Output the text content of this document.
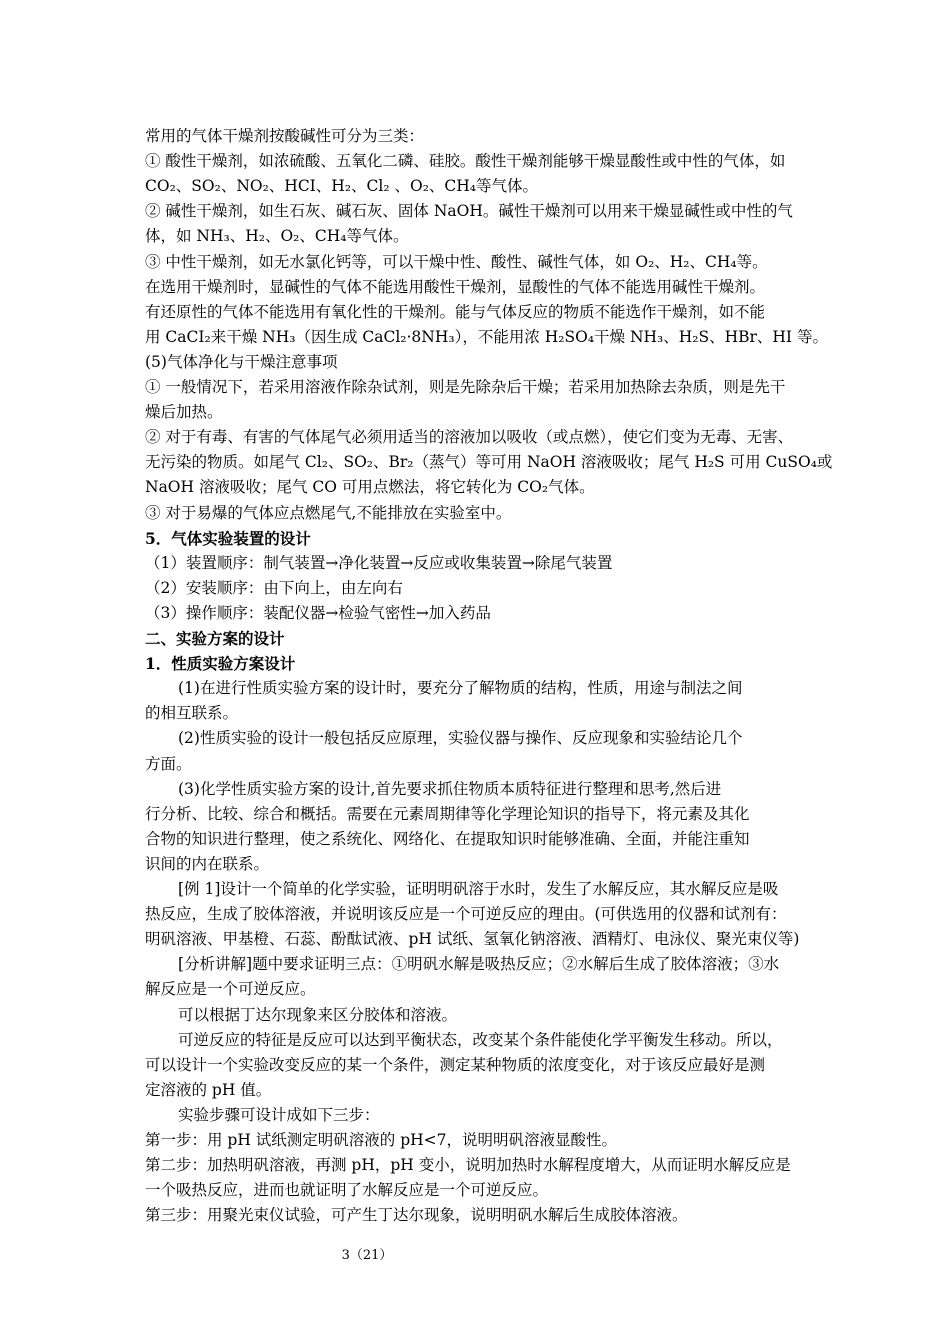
常用的气体干燥剂按酸碱性可分为三类：
① 酸性干燥剂，如浓硫酸、五氧化二磷、硅胶。酸性干燥剂能够干燥显酸性或中性的气体，如
CO₂、SO₂、NO₂、HCI、H₂、Cl₂ 、O₂、CH₄等气体。
② 碱性干燥剂，如生石灰、碱石灰、固体 NaOH。碱性干燥剂可以用来干燥显碱性或中性的气
体，如 NH₃、H₂、O₂、CH₄等气体。
③ 中性干燥剂，如无水氯化钙等，可以干燥中性、酸性、碱性气体，如 O₂、H₂、CH₄等。
在选用干燥剂时，显碱性的气体不能选用酸性干燥剂，显酸性的气体不能选用碱性干燥剂。
有还原性的气体不能选用有氧化性的干燥剂。能与气体反应的物质不能选作干燥剂，如不能
用 CaCI₂来干燥 NH₃（因生成 CaCl₂·8NH₃），不能用浓 H₂SO₄干燥 NH₃、H₂S、HBr、HI 等。
(5)气体净化与干燥注意事项
① 一般情况下，若采用溶液作除杂试剂，则是先除杂后干燥；若采用加热除去杂质，则是先干
燥后加热。
② 对于有毒、有害的气体尾气必须用适当的溶液加以吸收（或点燃），使它们变为无毒、无害、
无污染的物质。如尾气 Cl₂、SO₂、Br₂（蒸气）等可用 NaOH 溶液吸收；尾气 H₂S 可用 CuSO₄或
NaOH 溶液吸收；尾气 CO 可用点燃法，将它转化为 CO₂气体。
③ 对于易爆的气体应点燃尾气,不能排放在实验室中。
5．气体实验装置的设计
（1）装置顺序：制气装置→净化装置→反应或收集装置→除尾气装置
（2）安装顺序：由下向上，由左向右
（3）操作顺序：装配仪器→检验气密性→加入药品
二、实验方案的设计
1．性质实验方案设计
(1)在进行性质实验方案的设计时，要充分了解物质的结构，性质，用途与制法之间
的相互联系。
(2)性质实验的设计一般包括反应原理，实验仪器与操作、反应现象和实验结论几个
方面。
(3)化学性质实验方案的设计,首先要求抓住物质本质特征进行整理和思考,然后进
行分析、比较、综合和概括。需要在元素周期律等化学理论知识的指导下，将元素及其化
合物的知识进行整理，使之系统化、网络化、在提取知识时能够准确、全面，并能注重知
识间的内在联系。
[例 1]设计一个简单的化学实验，证明明矾溶于水时，发生了水解反应，其水解反应是吸
热反应，生成了胶体溶液，并说明该反应是一个可逆反应的理由。(可供选用的仪器和试剂有：
明矾溶液、甲基橙、石蕊、酚酞试液、pH 试纸、氢氧化钠溶液、酒精灯、电泳仪、聚光束仪等)
[分析讲解]题中要求证明三点：①明矾水解是吸热反应；②水解后生成了胶体溶液；③水
解反应是一个可逆反应。
可以根据丁达尔现象来区分胶体和溶液。
可逆反应的特征是反应可以达到平衡状态，改变某个条件能使化学平衡发生移动。所以，
可以设计一个实验改变反应的某一个条件，测定某种物质的浓度变化，对于该反应最好是测
定溶液的 pH 值。
实验步骤可设计成如下三步：
第一步：用 pH 试纸测定明矾溶液的 pH<7，说明明矾溶液显酸性。
第二步：加热明矾溶液，再测 pH，pH 变小，说明加热时水解程度增大，从而证明水解反应是
一个吸热反应，进而也就证明了水解反应是一个可逆反应。
第三步：用聚光束仪试验，可产生丁达尔现象，说明明矾水解后生成胶体溶液。
3（21）
